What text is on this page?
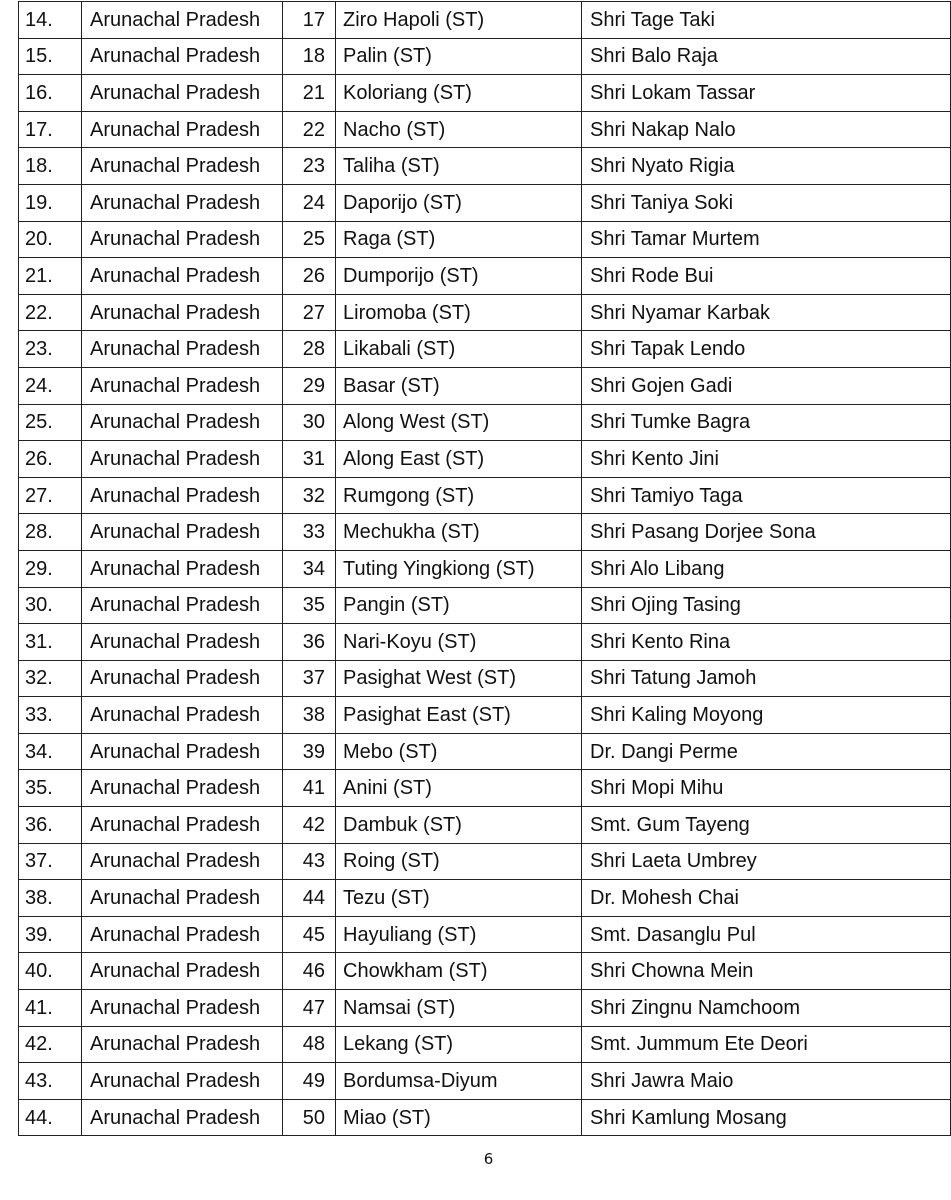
14.	Arunachal Pradesh	17	Ziro Hapoli (ST)	Shri Tage Taki
15.	Arunachal Pradesh	18	Palin (ST)	Shri Balo Raja
16.	Arunachal Pradesh	21	Koloriang (ST)	Shri Lokam Tassar
17.	Arunachal Pradesh	22	Nacho (ST)	Shri Nakap Nalo
18.	Arunachal Pradesh	23	Taliha (ST)	Shri Nyato Rigia
19.	Arunachal Pradesh	24	Daporijo (ST)	Shri Taniya Soki
20.	Arunachal Pradesh	25	Raga (ST)	Shri Tamar Murtem
21.	Arunachal Pradesh	26	Dumporijo (ST)	Shri Rode Bui
22.	Arunachal Pradesh	27	Liromoba (ST)	Shri Nyamar Karbak
23.	Arunachal Pradesh	28	Likabali (ST)	Shri Tapak Lendo
24.	Arunachal Pradesh	29	Basar (ST)	Shri Gojen Gadi
25.	Arunachal Pradesh	30	Along West (ST)	Shri Tumke Bagra
26.	Arunachal Pradesh	31	Along East (ST)	Shri Kento Jini
27.	Arunachal Pradesh	32	Rumgong (ST)	Shri Tamiyo Taga
28.	Arunachal Pradesh	33	Mechukha (ST)	Shri Pasang Dorjee Sona
29.	Arunachal Pradesh	34	Tuting Yingkiong (ST)	Shri Alo Libang
30.	Arunachal Pradesh	35	Pangin (ST)	Shri Ojing Tasing
31.	Arunachal Pradesh	36	Nari-Koyu (ST)	Shri Kento Rina
32.	Arunachal Pradesh	37	Pasighat West (ST)	Shri Tatung Jamoh
33.	Arunachal Pradesh	38	Pasighat East (ST)	Shri Kaling Moyong
34.	Arunachal Pradesh	39	Mebo (ST)	Dr. Dangi Perme
35.	Arunachal Pradesh	41	Anini (ST)	Shri Mopi Mihu
36.	Arunachal Pradesh	42	Dambuk (ST)	Smt. Gum Tayeng
37.	Arunachal Pradesh	43	Roing (ST)	Shri Laeta Umbrey
38.	Arunachal Pradesh	44	Tezu (ST)	Dr. Mohesh Chai
39.	Arunachal Pradesh	45	Hayuliang (ST)	Smt. Dasanglu Pul
40.	Arunachal Pradesh	46	Chowkham (ST)	Shri Chowna Mein
41.	Arunachal Pradesh	47	Namsai (ST)	Shri Zingnu Namchoom
42.	Arunachal Pradesh	48	Lekang (ST)	Smt. Jummum Ete Deori
43.	Arunachal Pradesh	49	Bordumsa-Diyum	Shri Jawra Maio
44.	Arunachal Pradesh	50	Miao (ST)	Shri Kamlung Mosang
6
